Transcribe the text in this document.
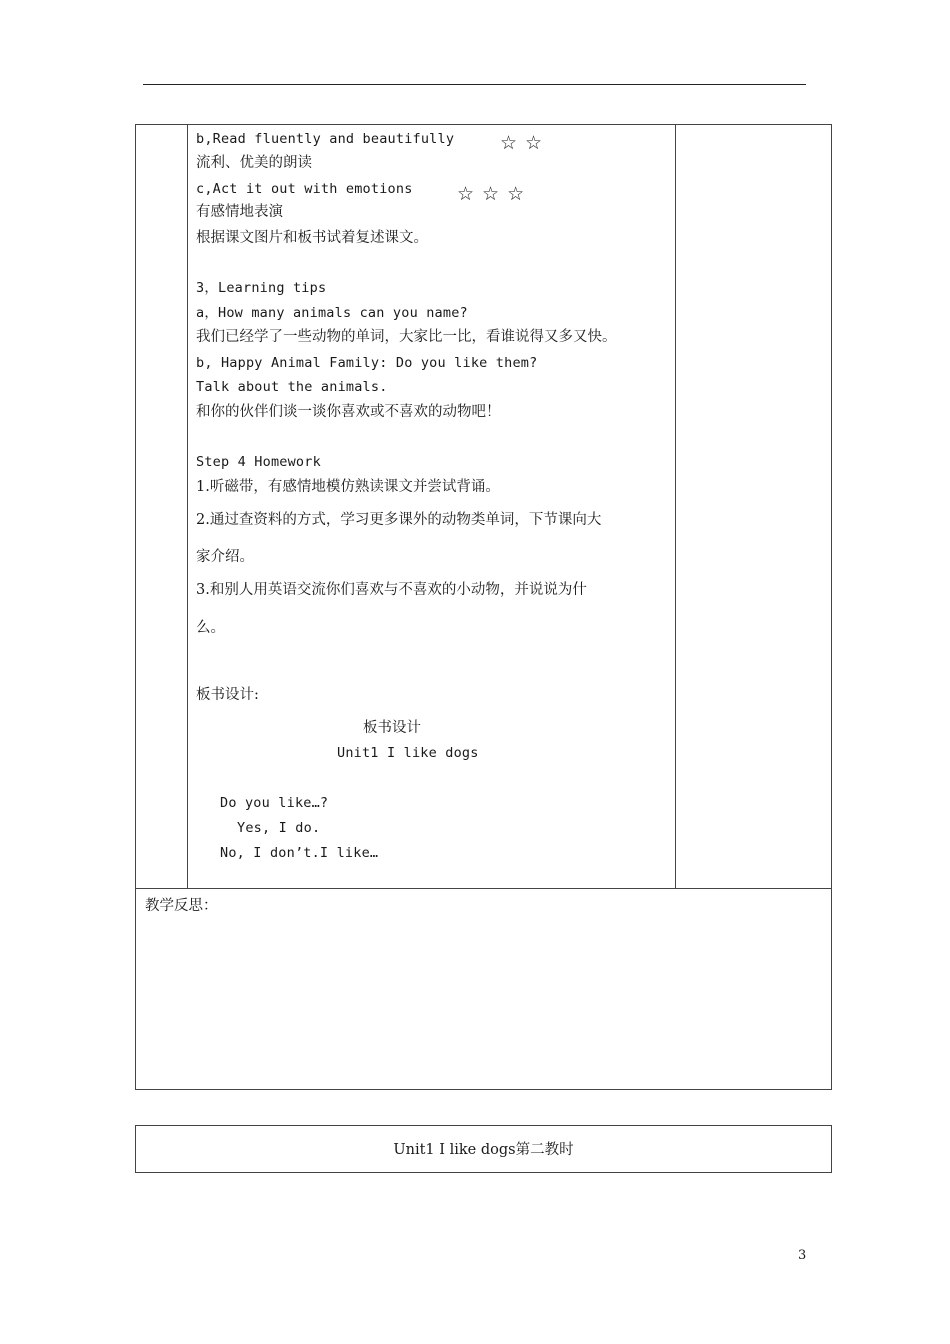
b,Read fluently and beautifully ☆☆
流利、优美的朗读
c,Act it out with emotions ☆☆☆
有感情地表演
根据课文图片和板书试着复述课文。
3，Learning tips
a，How many animals can you name?
我们已经学了一些动物的单词，大家比一比，看谁说得又多又快。
b, Happy Animal Family: Do you like them?
Talk about the animals.
和你的伙伴们谈一谈你喜欢或不喜欢的动物吧！
Step 4 Homework
1.听磁带，有感情地模仿熟读课文并尝试背诵。
2.通过查资料的方式，学习更多课外的动物类单词，下节课向大
家介绍。
3.和别人用英语交流你们喜欢与不喜欢的小动物，并说说为什
么。
板书设计:
板书设计
Unit1 I like dogs
Do you like…?
Yes, I do.
No, I don’t.I like…
教学反思：
Unit1 I like dogs第二教时
3
